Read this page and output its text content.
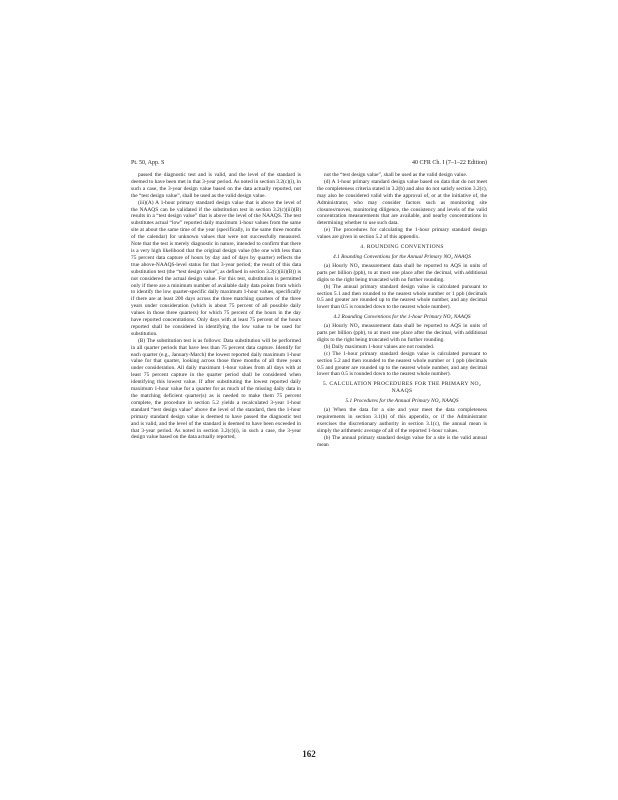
Pt. 50, App. S	40 CFR Ch. I (7–1–22 Edition)

passed the diagnostic test and is valid, and the level of the standard is deemed to have been met in that 3-year period. As noted in section 3.2(c)(i), in such a case, the 3-year design value based on the data actually reported, not the “test design value”, shall be used as the valid design value.

(iii)(A) A 1-hour primary standard design value that is above the level of the NAAQS can be validated if the substitution test in section 3.2(c)(iii)(B) results in a “test design value” that is above the level of the NAAQS. The test substitutes actual “low” reported daily maximum 1-hour values from the same site at about the same time of the year (specifically, in the same three months of the calendar) for unknown values that were not successfully measured. Note that the test is merely diagnostic in nature, intended to confirm that there is a very high likelihood that the original design value (the one with less than 75 percent data capture of hours by day and of days by quarter) reflects the true above-NAAQS-level status for that 3-year period; the result of this data substitution test (the “test design value”, as defined in section 3.2(c)(iii)(B)) is not considered the actual design value. For this test, substitution is permitted only if there are a minimum number of available daily data points from which to identify the low quarter-specific daily maximum 1-hour values, specifically if there are at least 200 days across the three matching quarters of the three years under consideration (which is about 75 percent of all possible daily values in those three quarters) for which 75 percent of the hours in the day have reported concentrations. Only days with at least 75 percent of the hours reported shall be considered in identifying the low value to be used for substitution.

(B) The substitution test is as follows: Data substitution will be performed in all quarter periods that have less than 75 percent data capture. Identify for each quarter (e.g., January-March) the lowest reported daily maximum 1-hour value for that quarter, looking across those three months of all three years under consideration. All daily maximum 1-hour values from all days with at least 75 percent capture in the quarter period shall be considered when identifying this lowest value. If after substituting the lowest reported daily maximum 1-hour value for a quarter for as much of the missing daily data in the matching deficient quarter(s) as is needed to make them 75 percent complete, the procedure in section 5.2 yields a recalculated 3-year 1-hour standard “test design value” above the level of the standard, then the 1-hour primary standard design value is deemed to have passed the diagnostic test and is valid, and the level of the standard is deemed to have been exceeded in that 3-year period. As noted in section 3.2(c)(i), in such a case, the 3-year design value based on the data actually reported,

not the “test design value”, shall be used as the valid design value.

(d) A 1-hour primary standard design value based on data that do not meet the completeness criteria stated in 3.2(b) and also do not satisfy section 3.2(c), may also be considered valid with the approval of, or at the initiative of, the Administrator, who may consider factors such as monitoring site closures/moves, monitoring diligence, the consistency and levels of the valid concentration measurements that are available, and nearby concentrations in determining whether to use such data.

(e) The procedures for calculating the 1-hour primary standard design values are given in section 5.2 of this appendix.

4. ROUNDING CONVENTIONS

4.1 Rounding Conventions for the Annual Primary NO₂ NAAQS

(a) Hourly NO₂ measurement data shall be reported to AQS in units of parts per billion (ppb), to at most one place after the decimal, with additional digits to the right being truncated with no further rounding.

(b) The annual primary standard design value is calculated pursuant to section 5.1 and then rounded to the nearest whole number or 1 ppb (decimals 0.5 and greater are rounded up to the nearest whole number, and any decimal lower than 0.5 is rounded down to the nearest whole number).

4.2 Rounding Conventions for the 1-hour Primary NO₂ NAAQS

(a) Hourly NO₂ measurement data shall be reported to AQS in units of parts per billion (ppb), to at most one place after the decimal, with additional digits to the right being truncated with no further rounding.

(b) Daily maximum 1-hour values are not rounded.

(c) The 1-hour primary standard design value is calculated pursuant to section 5.2 and then rounded to the nearest whole number or 1 ppb (decimals 0.5 and greater are rounded up to the nearest whole number, and any decimal lower than 0.5 is rounded down to the nearest whole number).

5. CALCULATION PROCEDURES FOR THE PRIMARY NO₂ NAAQS

5.1 Procedures for the Annual Primary NO₂ NAAQS

(a) When the data for a site and year meet the data completeness requirements in section 3.1(b) of this appendix, or if the Administrator exercises the discretionary authority in section 3.1(c), the annual mean is simply the arithmetic average of all of the reported 1-hour values.

(b) The annual primary standard design value for a site is the valid annual mean

162
